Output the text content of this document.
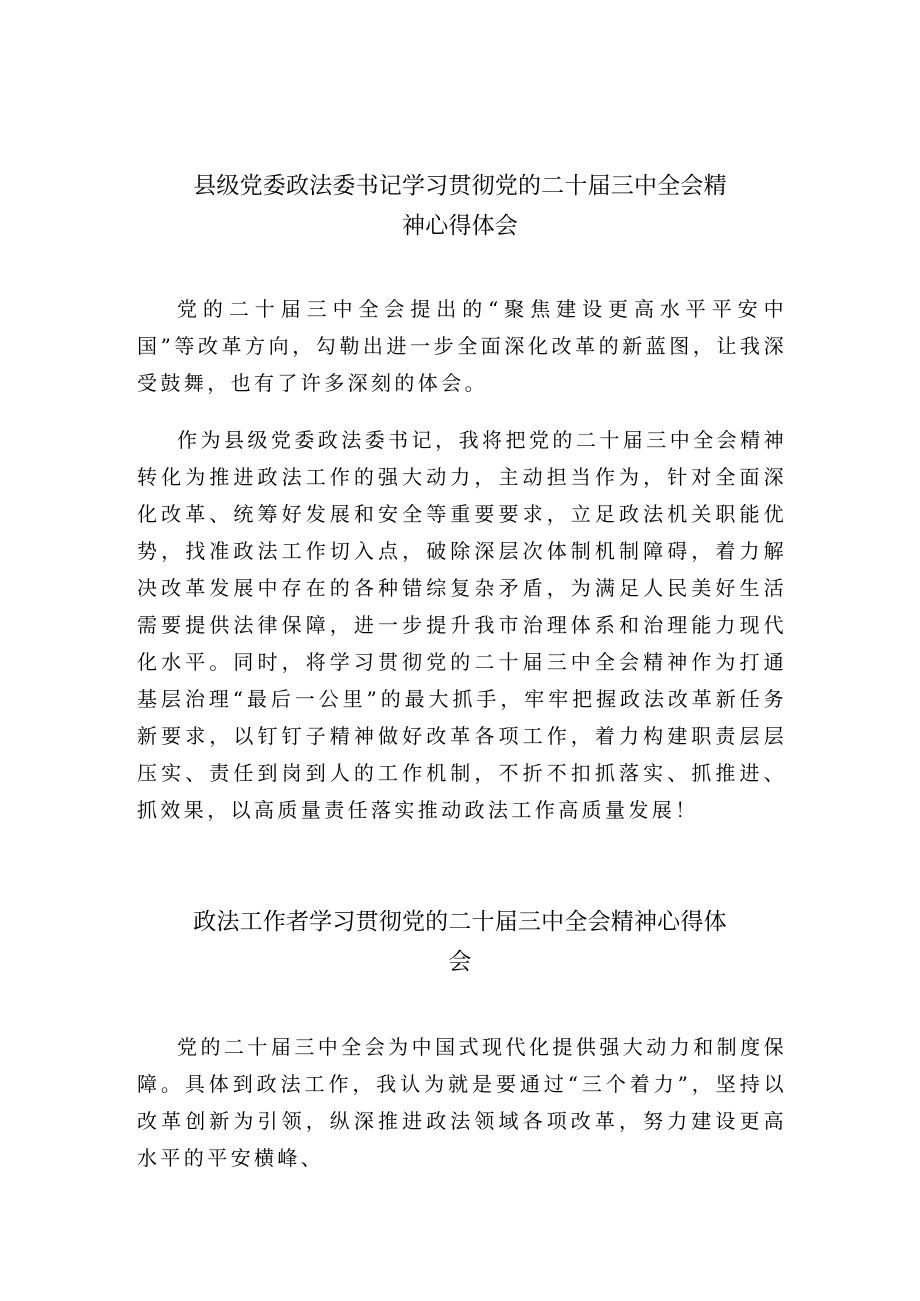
县级党委政法委书记学习贯彻党的二十届三中全会精
神心得体会

党的二十届三中全会提出的“聚焦建设更高水平平安中国”等改革方向，勾勒出进一步全面深化改革的新蓝图，让我深受鼓舞，也有了许多深刻的体会。

作为县级党委政法委书记，我将把党的二十届三中全会精神转化为推进政法工作的强大动力，主动担当作为，针对全面深化改革、统筹好发展和安全等重要要求，立足政法机关职能优势，找准政法工作切入点，破除深层次体制机制障碍，着力解决改革发展中存在的各种错综复杂矛盾，为满足人民美好生活需要提供法律保障，进一步提升我市治理体系和治理能力现代化水平。同时，将学习贯彻党的二十届三中全会精神作为打通基层治理“最后一公里”的最大抓手，牢牢把握政法改革新任务新要求，以钉钉子精神做好改革各项工作，着力构建职责层层压实、责任到岗到人的工作机制，不折不扣抓落实、抓推进、抓效果，以高质量责任落实推动政法工作高质量发展！

政法工作者学习贯彻党的二十届三中全会精神心得体
会

党的二十届三中全会为中国式现代化提供强大动力和制度保障。具体到政法工作，我认为就是要通过“三个着力”，坚持以改革创新为引领，纵深推进政法领域各项改革，努力建设更高水平的平安横峰、
